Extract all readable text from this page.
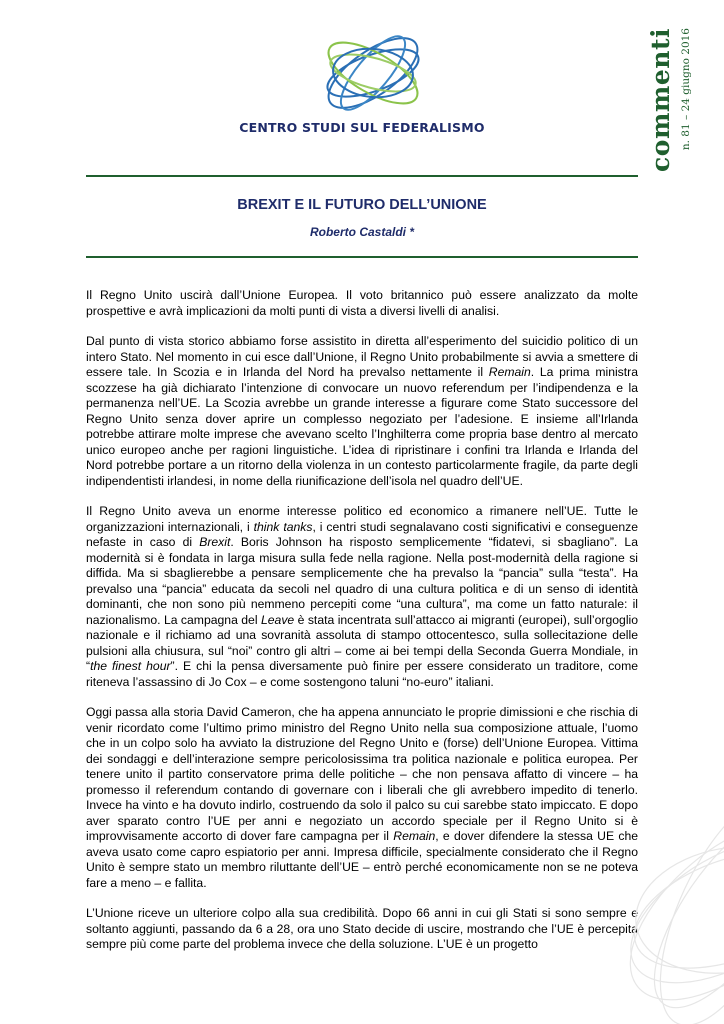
CENTRO STUDI SUL FEDERALISMO	commenti n. 81 – 24 giugno 2016
BREXIT E IL FUTURO DELL’UNIONE
Roberto Castaldi *

Il Regno Unito uscirà dall’Unione Europea. Il voto britannico può essere analizzato da molte prospettive e avrà implicazioni da molti punti di vista a diversi livelli di analisi.

Dal punto di vista storico abbiamo forse assistito in diretta all’esperimento del suicidio politico di un intero Stato. Nel momento in cui esce dall’Unione, il Regno Unito probabilmente si avvia a smettere di essere tale. In Scozia e in Irlanda del Nord ha prevalso nettamente il Remain. La prima ministra scozzese ha già dichiarato l’intenzione di convocare un nuovo referendum per l’indipendenza e la permanenza nell’UE. La Scozia avrebbe un grande interesse a figurare come Stato successore del Regno Unito senza dover aprire un complesso negoziato per l’adesione. E insieme all’Irlanda potrebbe attirare molte imprese che avevano scelto l’Inghilterra come propria base dentro al mercato unico europeo anche per ragioni linguistiche. L’idea di ripristinare i confini tra Irlanda e Irlanda del Nord potrebbe portare a un ritorno della violenza in un contesto particolarmente fragile, da parte degli indipendentisti irlandesi, in nome della riunificazione dell’isola nel quadro dell’UE.

Il Regno Unito aveva un enorme interesse politico ed economico a rimanere nell’UE. Tutte le organizzazioni internazionali, i think tanks, i centri studi segnalavano costi significativi e conseguenze nefaste in caso di Brexit. Boris Johnson ha risposto semplicemente “fidatevi, si sbagliano”. La modernità si è fondata in larga misura sulla fede nella ragione. Nella post-modernità della ragione si diffida. Ma si sbaglierebbe a pensare semplicemente che ha prevalso la “pancia” sulla “testa”. Ha prevalso una “pancia” educata da secoli nel quadro di una cultura politica e di un senso di identità dominanti, che non sono più nemmeno percepiti come “una cultura”, ma come un fatto naturale: il nazionalismo. La campagna del Leave è stata incentrata sull’attacco ai migranti (europei), sull’orgoglio nazionale e il richiamo ad una sovranità assoluta di stampo ottocentesco, sulla sollecitazione delle pulsioni alla chiusura, sul “noi” contro gli altri – come ai bei tempi della Seconda Guerra Mondiale, in “the finest hour”. E chi la pensa diversamente può finire per essere considerato un traditore, come riteneva l’assassino di Jo Cox – e come sostengono taluni “no-euro” italiani.

Oggi passa alla storia David Cameron, che ha appena annunciato le proprie dimissioni e che rischia di venir ricordato come l’ultimo primo ministro del Regno Unito nella sua composizione attuale, l’uomo che in un colpo solo ha avviato la distruzione del Regno Unito e (forse) dell’Unione Europea. Vittima dei sondaggi e dell’interazione sempre pericolosissima tra politica nazionale e politica europea. Per tenere unito il partito conservatore prima delle politiche – che non pensava affatto di vincere – ha promesso il referendum contando di governare con i liberali che gli avrebbero impedito di tenerlo. Invece ha vinto e ha dovuto indirlo, costruendo da solo il palco su cui sarebbe stato impiccato. E dopo aver sparato contro l’UE per anni e negoziato un accordo speciale per il Regno Unito si è improvvisamente accorto di dover fare campagna per il Remain, e dover difendere la stessa UE che aveva usato come capro espiatorio per anni. Impresa difficile, specialmente considerato che il Regno Unito è sempre stato un membro riluttante dell’UE – entrò perché economicamente non se ne poteva fare a meno – e fallita.

L’Unione riceve un ulteriore colpo alla sua credibilità. Dopo 66 anni in cui gli Stati si sono sempre e soltanto aggiunti, passando da 6 a 28, ora uno Stato decide di uscire, mostrando che l’UE è percepita sempre più come parte del problema invece che della soluzione. L’UE è un progetto
